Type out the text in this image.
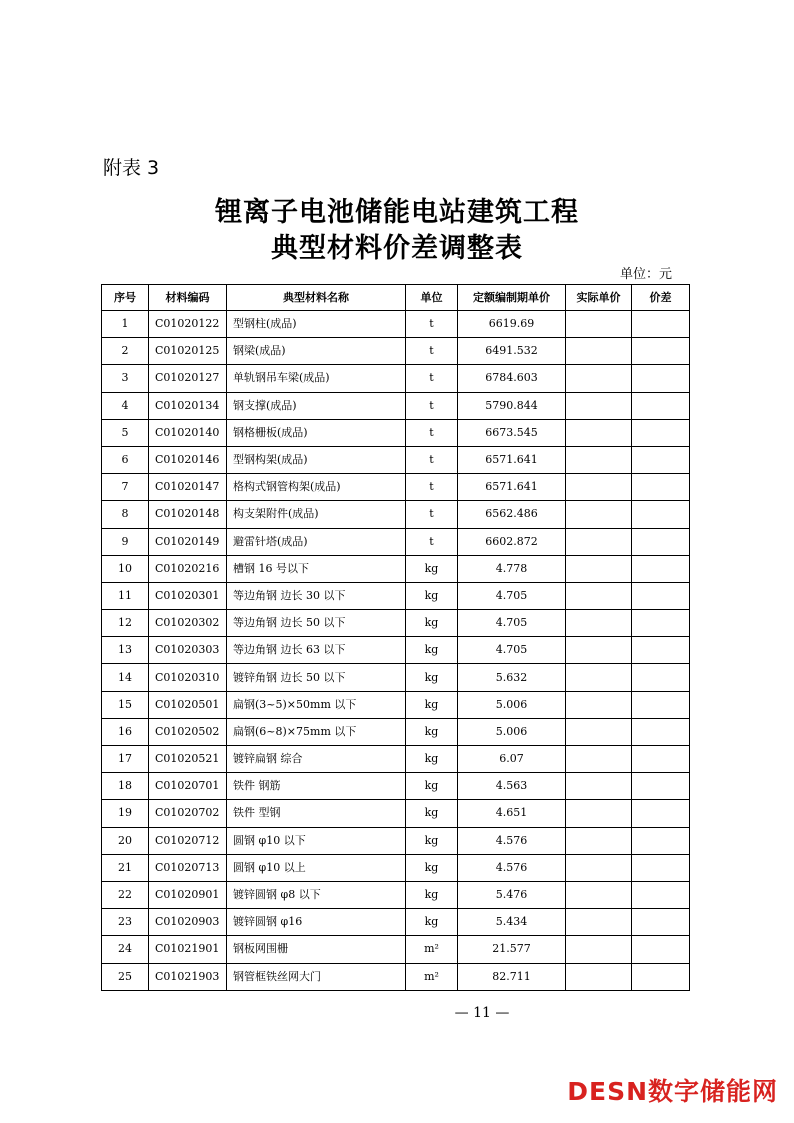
附表 3
锂离子电池储能电站建筑工程
典型材料价差调整表
单位：元
序号	材料编码	典型材料名称	单位	定额编制期单价	实际单价	价差
1	C01020122	型钢柱(成品)	t	6619.69		
2	C01020125	钢梁(成品)	t	6491.532		
3	C01020127	单轨钢吊车梁(成品)	t	6784.603		
4	C01020134	钢支撑(成品)	t	5790.844		
5	C01020140	钢格栅板(成品)	t	6673.545		
6	C01020146	型钢构架(成品)	t	6571.641		
7	C01020147	格构式钢管构架(成品)	t	6571.641		
8	C01020148	构支架附件(成品)	t	6562.486		
9	C01020149	避雷针塔(成品)	t	6602.872		
10	C01020216	槽钢 16 号以下	kg	4.778		
11	C01020301	等边角钢 边长 30 以下	kg	4.705		
12	C01020302	等边角钢 边长 50 以下	kg	4.705		
13	C01020303	等边角钢 边长 63 以下	kg	4.705		
14	C01020310	镀锌角钢 边长 50 以下	kg	5.632		
15	C01020501	扁钢(3~5)×50mm 以下	kg	5.006		
16	C01020502	扁钢(6~8)×75mm 以下	kg	5.006		
17	C01020521	镀锌扁钢 综合	kg	6.07		
18	C01020701	铁件 钢筋	kg	4.563		
19	C01020702	铁件 型钢	kg	4.651		
20	C01020712	圆钢 φ10 以下	kg	4.576		
21	C01020713	圆钢 φ10 以上	kg	4.576		
22	C01020901	镀锌圆钢 φ8 以下	kg	5.476		
23	C01020903	镀锌圆钢 φ16	kg	5.434		
24	C01021901	钢板网围栅	m²	21.577		
25	C01021903	钢管框铁丝网大门	m²	82.711		
— 11 —
DESN数字储能网
